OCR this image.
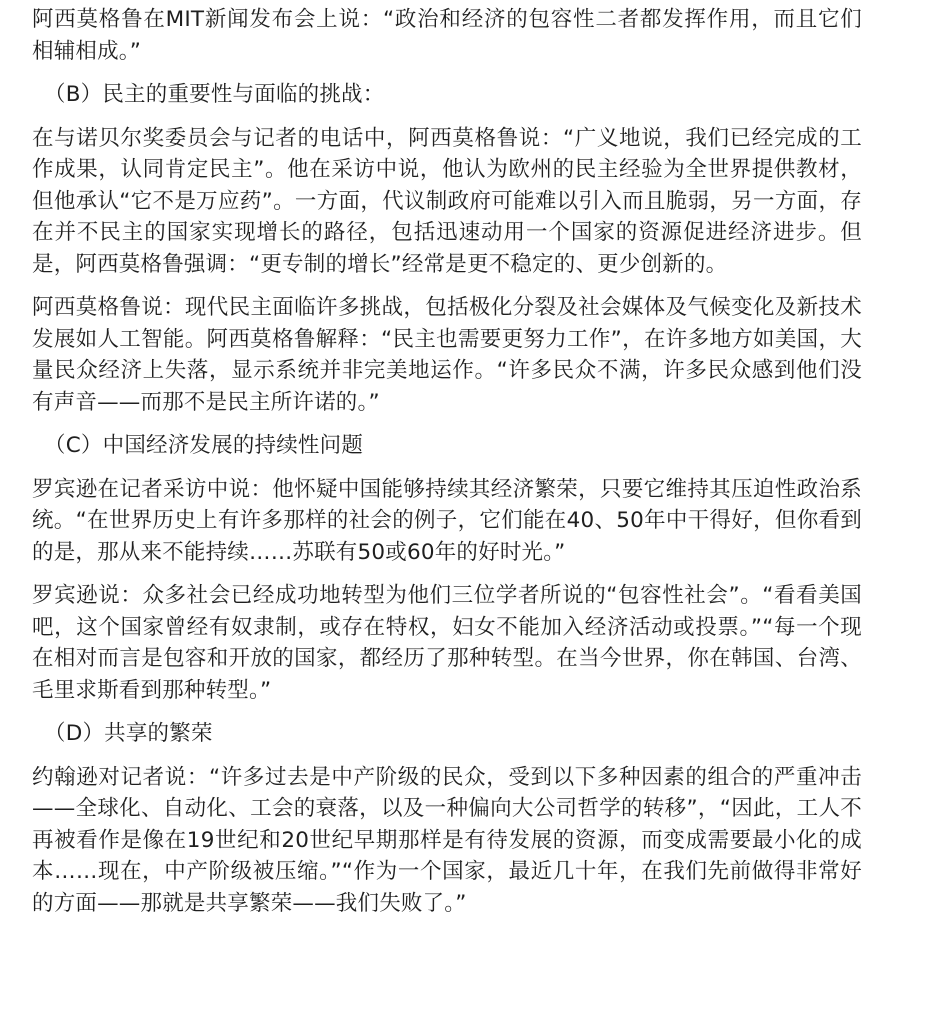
阿西莫格鲁在MIT新闻发布会上说：“政治和经济的包容性二者都发挥作用，而且它们相辅相成。”

（B）民主的重要性与面临的挑战：

在与诺贝尔奖委员会与记者的电话中，阿西莫格鲁说：“广义地说，我们已经完成的工作成果，认同肯定民主”。他在采访中说，他认为欧州的民主经验为全世界提供教材，但他承认“它不是万应药”。一方面，代议制政府可能难以引入而且脆弱，另一方面，存在并不民主的国家实现增长的路径，包括迅速动用一个国家的资源促进经济进步。但是，阿西莫格鲁强调：“更专制的增长”经常是更不稳定的、更少创新的。

阿西莫格鲁说：现代民主面临许多挑战，包括极化分裂及社会媒体及气候变化及新技术发展如人工智能。阿西莫格鲁解释：“民主也需要更努力工作”，在许多地方如美国，大量民众经济上失落，显示系统并非完美地运作。“许多民众不满，许多民众感到他们没有声音——而那不是民主所许诺的。”

（C）中国经济发展的持续性问题

罗宾逊在记者采访中说：他怀疑中国能够持续其经济繁荣，只要它维持其压迫性政治系统。“在世界历史上有许多那样的社会的例子，它们能在40、50年中干得好，但你看到的是，那从来不能持续……苏联有50或60年的好时光。”

罗宾逊说：众多社会已经成功地转型为他们三位学者所说的“包容性社会”。“看看美国吧，这个国家曾经有奴隶制，或存在特权，妇女不能加入经济活动或投票。”“每一个现在相对而言是包容和开放的国家，都经历了那种转型。在当今世界，你在韩国、台湾、毛里求斯看到那种转型。”

（D）共享的繁荣

约翰逊对记者说：“许多过去是中产阶级的民众，受到以下多种因素的组合的严重冲击——全球化、自动化、工会的衰落，以及一种偏向大公司哲学的转移”，“因此，工人不再被看作是像在19世纪和20世纪早期那样是有待发展的资源，而变成需要最小化的成本……现在，中产阶级被压缩。”“作为一个国家，最近几十年，在我们先前做得非常好的方面——那就是共享繁荣——我们失败了。”
